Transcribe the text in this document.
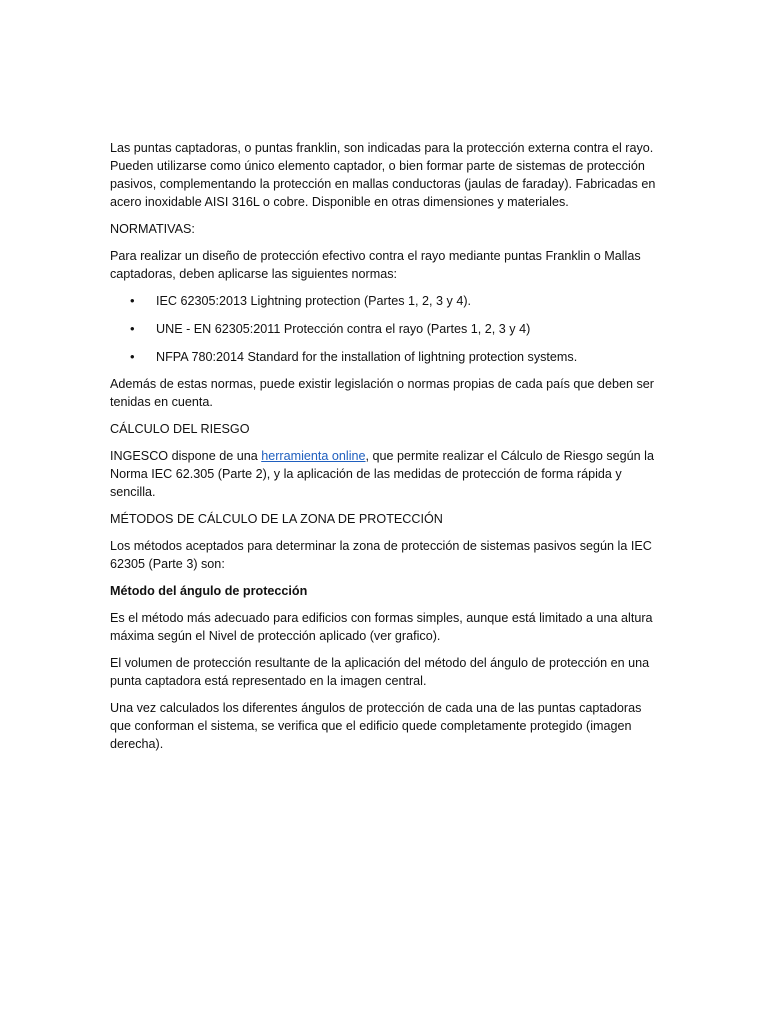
Las puntas captadoras, o puntas franklin, son indicadas para la protección externa contra el rayo. Pueden utilizarse como único elemento captador, o bien formar parte de sistemas de protección pasivos, complementando la protección en mallas conductoras (jaulas de faraday). Fabricadas en acero inoxidable AISI 316L o cobre. Disponible en otras dimensiones y materiales.

NORMATIVAS:

Para realizar un diseño de protección efectivo contra el rayo mediante puntas Franklin o Mallas captadoras, deben aplicarse las siguientes normas:

• IEC 62305:2013 Lightning protection (Partes 1, 2, 3 y 4).
• UNE - EN 62305:2011 Protección contra el rayo (Partes 1, 2, 3 y 4)
• NFPA 780:2014 Standard for the installation of lightning protection systems.

Además de estas normas, puede existir legislación o normas propias de cada país que deben ser tenidas en cuenta.

CÁLCULO DEL RIESGO

INGESCO dispone de una herramienta online, que permite realizar el Cálculo de Riesgo según la Norma IEC 62.305 (Parte 2), y la aplicación de las medidas de protección de forma rápida y sencilla.

MÉTODOS DE CÁLCULO DE LA ZONA DE PROTECCIÓN

Los métodos aceptados para determinar la zona de protección de sistemas pasivos según la IEC 62305 (Parte 3) son:

Método del ángulo de protección

Es el método más adecuado para edificios con formas simples, aunque está limitado a una altura máxima según el Nivel de protección aplicado (ver grafico).

El volumen de protección resultante de la aplicación del método del ángulo de protección en una punta captadora está representado en la imagen central.

Una vez calculados los diferentes ángulos de protección de cada una de las puntas captadoras que conforman el sistema, se verifica que el edificio quede completamente protegido (imagen derecha).
